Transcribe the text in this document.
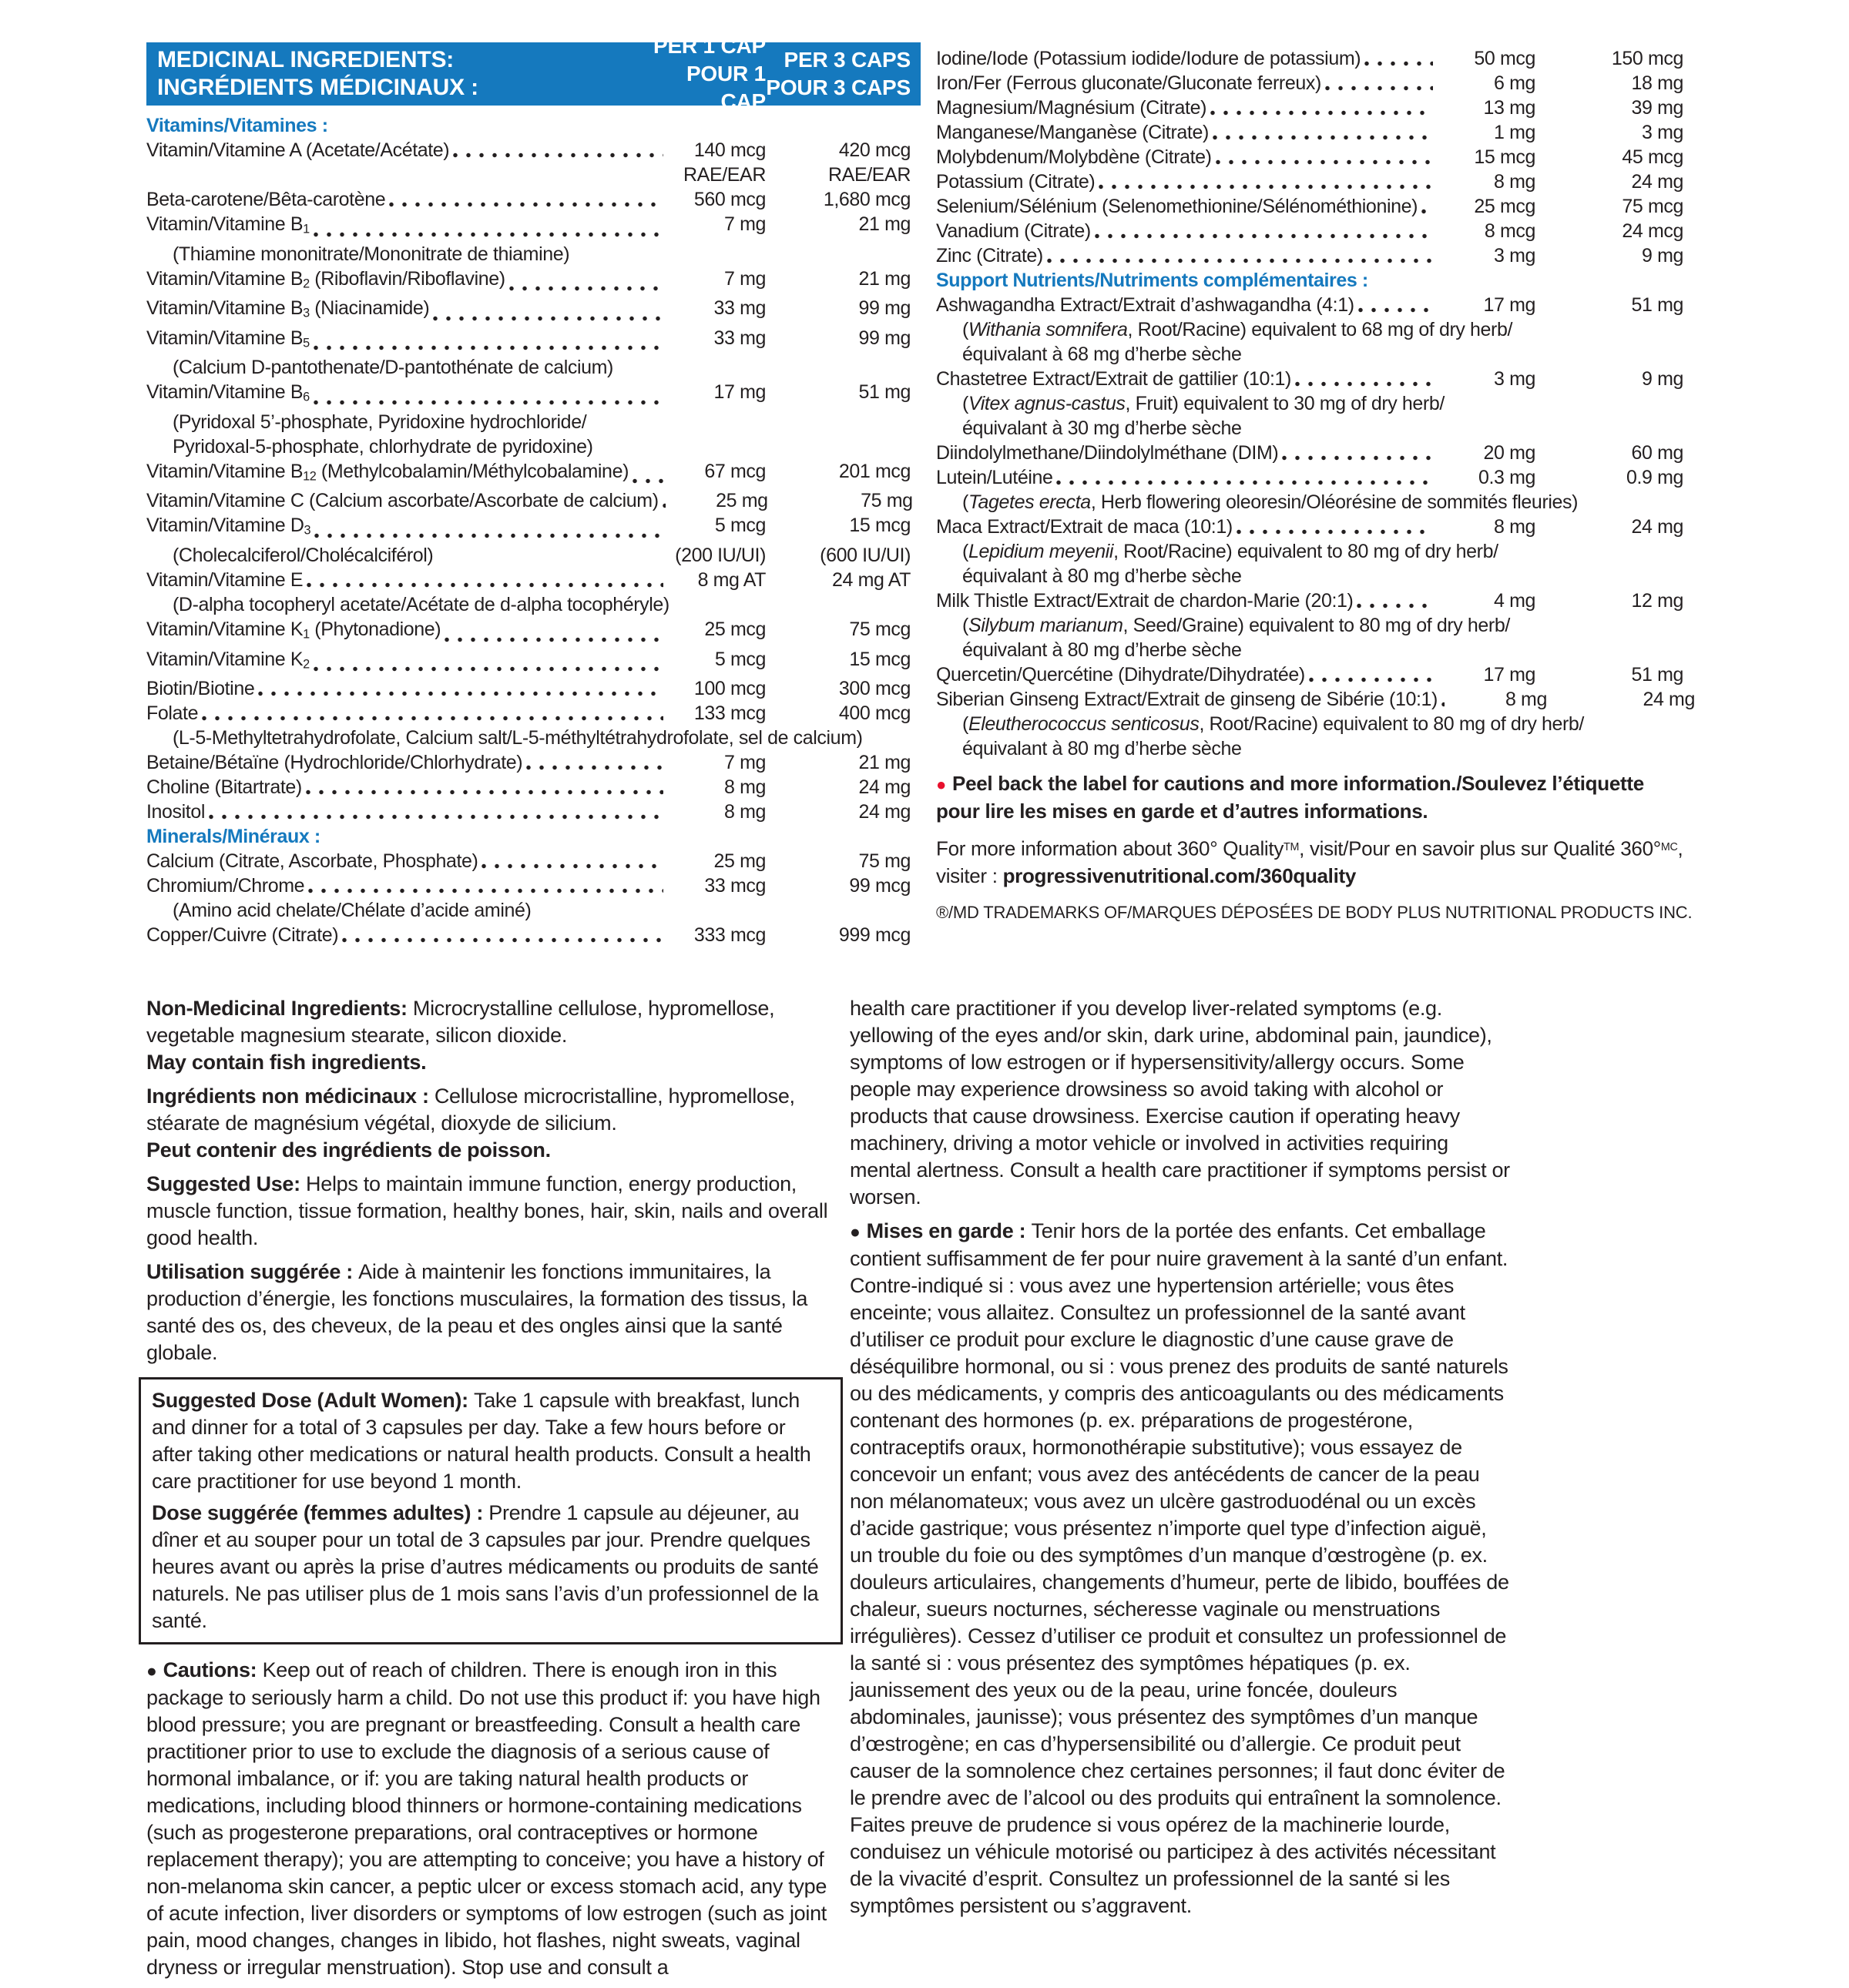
MEDICINAL INGREDIENTS:
INGRÉDIENTS MÉDICINAUX :
PER 1 CAP
POUR 1 CAP
PER 3 CAPS
POUR 3 CAPS
Vitamins/Vitamines :
Vitamin/Vitamine A (Acetate/Acétate)	140 mcg	420 mcg
RAE/EAR	RAE/EAR
Beta-carotene/Bêta-carotène	560 mcg	1,680 mcg
Vitamin/Vitamine $B_1$	7 mg	21 mg
(Thiamine mononitrate/Mononitrate de thiamine)
Vitamin/Vitamine $B_2$ (Riboflavin/Riboflavine)	7 mg	21 mg
Vitamin/Vitamine $B_3$ (Niacinamide)	33 mg	99 mg
Vitamin/Vitamine $B_5$	33 mg	99 mg
(Calcium D-pantothenate/D-pantothénate de calcium)
Vitamin/Vitamine $B_6$	17 mg	51 mg
(Pyridoxal 5’-phosphate, Pyridoxine hydrochloride/
Pyridoxal-5-phosphate, chlorhydrate de pyridoxine)
Vitamin/Vitamine $B_{12}$ (Methylcobalamin/Méthylcobalamine)	67 mcg	201 mcg
Vitamin/Vitamine C (Calcium ascorbate/Ascorbate de calcium)	25 mg	75 mg
Vitamin/Vitamine $D_3$	5 mcg	15 mcg
(Cholecalciferol/Cholécalciférol)	(200 IU/UI)	(600 IU/UI)
Vitamin/Vitamine E	8 mg AT	24 mg AT
(D-alpha tocopheryl acetate/Acétate de d-alpha tocophéryle)
Vitamin/Vitamine $K_1$ (Phytonadione)	25 mcg	75 mcg
Vitamin/Vitamine $K_2$	5 mcg	15 mcg
Biotin/Biotine	100 mcg	300 mcg
Folate	133 mcg	400 mcg
(L-5-Methyltetrahydrofolate, Calcium salt/L-5-méthyltétrahydrofolate, sel de calcium)
Betaine/Bétaïne (Hydrochloride/Chlorhydrate)	7 mg	21 mg
Choline (Bitartrate)	8 mg	24 mg
Inositol	8 mg	24 mg
Minerals/Minéraux :
Calcium (Citrate, Ascorbate, Phosphate)	25 mg	75 mg
Chromium/Chrome	33 mcg	99 mcg
(Amino acid chelate/Chélate d’acide aminé)
Copper/Cuivre (Citrate)	333 mcg	999 mcg
Iodine/Iode (Potassium iodide/Iodure de potassium)	50 mcg	150 mcg
Iron/Fer (Ferrous gluconate/Gluconate ferreux)	6 mg	18 mg
Magnesium/Magnésium (Citrate)	13 mg	39 mg
Manganese/Manganèse (Citrate)	1 mg	3 mg
Molybdenum/Molybdène (Citrate)	15 mcg	45 mcg
Potassium (Citrate)	8 mg	24 mg
Selenium/Sélénium (Selenomethionine/Sélénométhionine)	25 mcg	75 mcg
Vanadium (Citrate)	8 mcg	24 mcg
Zinc (Citrate)	3 mg	9 mg
Support Nutrients/Nutriments complémentaires :
Ashwagandha Extract/Extrait d’ashwagandha (4:1)	17 mg	51 mg
(Withania somnifera, Root/Racine) equivalent to 68 mg of dry herb/
équivalant à 68 mg d’herbe sèche
Chastetree Extract/Extrait de gattilier (10:1)	3 mg	9 mg
(Vitex agnus-castus, Fruit) equivalent to 30 mg of dry herb/
équivalant à 30 mg d’herbe sèche
Diindolylmethane/Diindolylméthane (DIM)	20 mg	60 mg
Lutein/Lutéine	0.3 mg	0.9 mg
(Tagetes erecta, Herb flowering oleoresin/Oléorésine de sommités fleuries)
Maca Extract/Extrait de maca (10:1)	8 mg	24 mg
(Lepidium meyenii, Root/Racine) equivalent to 80 mg of dry herb/
équivalant à 80 mg d’herbe sèche
Milk Thistle Extract/Extrait de chardon-Marie (20:1)	4 mg	12 mg
(Silybum marianum, Seed/Graine) equivalent to 80 mg of dry herb/
équivalant à 80 mg d’herbe sèche
Quercetin/Quercétine (Dihydrate/Dihydratée)	17 mg	51 mg
Siberian Ginseng Extract/Extrait de ginseng de Sibérie (10:1)	8 mg	24 mg
(Eleutherococcus senticosus, Root/Racine) equivalent to 80 mg of dry herb/
équivalant à 80 mg d’herbe sèche
● Peel back the label for cautions and more information./Soulevez l’étiquette pour lire les mises en garde et d’autres informations.
For more information about 360° Quality™, visit/Pour en savoir plus sur Qualité 360°$^{MC}$, visiter : progressivenutritional.com/360quality
®/MD TRADEMARKS OF/MARQUES DÉPOSÉES DE BODY PLUS NUTRITIONAL PRODUCTS INC.
Non-Medicinal Ingredients: Microcrystalline cellulose, hypromellose, vegetable magnesium stearate, silicon dioxide.
May contain fish ingredients.
Ingrédients non médicinaux : Cellulose microcristalline, hypromellose, stéarate de magnésium végétal, dioxyde de silicium.
Peut contenir des ingrédients de poisson.
Suggested Use: Helps to maintain immune function, energy production, muscle function, tissue formation, healthy bones, hair, skin, nails and overall good health.
Utilisation suggérée : Aide à maintenir les fonctions immunitaires, la production d’énergie, les fonctions musculaires, la formation des tissus, la santé des os, des cheveux, de la peau et des ongles ainsi que la santé globale.
Suggested Dose (Adult Women): Take 1 capsule with breakfast, lunch and dinner for a total of 3 capsules per day. Take a few hours before or after taking other medications or natural health products. Consult a health care practitioner for use beyond 1 month.
Dose suggérée (femmes adultes) : Prendre 1 capsule au déjeuner, au dîner et au souper pour un total de 3 capsules par jour. Prendre quelques heures avant ou après la prise d’autres médicaments ou produits de santé naturels. Ne pas utiliser plus de 1 mois sans l’avis d’un professionnel de la santé.
● Cautions: Keep out of reach of children. There is enough iron in this package to seriously harm a child. Do not use this product if: you have high blood pressure; you are pregnant or breastfeeding. Consult a health care practitioner prior to use to exclude the diagnosis of a serious cause of hormonal imbalance, or if: you are taking natural health products or medications, including blood thinners or hormone-containing medications (such as progesterone preparations, oral contraceptives or hormone replacement therapy); you are attempting to conceive; you have a history of non-melanoma skin cancer, a peptic ulcer or excess stomach acid, any type of acute infection, liver disorders or symptoms of low estrogen (such as joint pain, mood changes, changes in libido, hot flashes, night sweats, vaginal dryness or irregular menstruation). Stop use and consult a
health care practitioner if you develop liver-related symptoms (e.g. yellowing of the eyes and/or skin, dark urine, abdominal pain, jaundice), symptoms of low estrogen or if hypersensitivity/allergy occurs. Some people may experience drowsiness so avoid taking with alcohol or products that cause drowsiness. Exercise caution if operating heavy machinery, driving a motor vehicle or involved in activities requiring mental alertness. Consult a health care practitioner if symptoms persist or worsen.
● Mises en garde : Tenir hors de la portée des enfants. Cet emballage contient suffisamment de fer pour nuire gravement à la santé d’un enfant. Contre-indiqué si : vous avez une hypertension artérielle; vous êtes enceinte; vous allaitez. Consultez un professionnel de la santé avant d’utiliser ce produit pour exclure le diagnostic d’une cause grave de déséquilibre hormonal, ou si : vous prenez des produits de santé naturels ou des médicaments, y compris des anticoagulants ou des médicaments contenant des hormones (p. ex. préparations de progestérone, contraceptifs oraux, hormonothérapie substitutive); vous essayez de concevoir un enfant; vous avez des antécédents de cancer de la peau non mélanomateux; vous avez un ulcère gastroduodénal ou un excès d’acide gastrique; vous présentez n’importe quel type d’infection aiguë, un trouble du foie ou des symptômes d’un manque d’œstrogène (p. ex. douleurs articulaires, changements d’humeur, perte de libido, bouffées de chaleur, sueurs nocturnes, sécheresse vaginale ou menstruations irrégulières). Cessez d’utiliser ce produit et consultez un professionnel de la santé si : vous présentez des symptômes hépatiques (p. ex. jaunissement des yeux ou de la peau, urine foncée, douleurs abdominales, jaunisse); vous présentez des symptômes d’un manque d’œstrogène; en cas d’hypersensibilité ou d’allergie. Ce produit peut causer de la somnolence chez certaines personnes; il faut donc éviter de le prendre avec de l’alcool ou des produits qui entraînent la somnolence. Faites preuve de prudence si vous opérez de la machinerie lourde, conduisez un véhicule motorisé ou participez à des activités nécessitant de la vivacité d’esprit. Consultez un professionnel de la santé si les symptômes persistent ou s’aggravent.
